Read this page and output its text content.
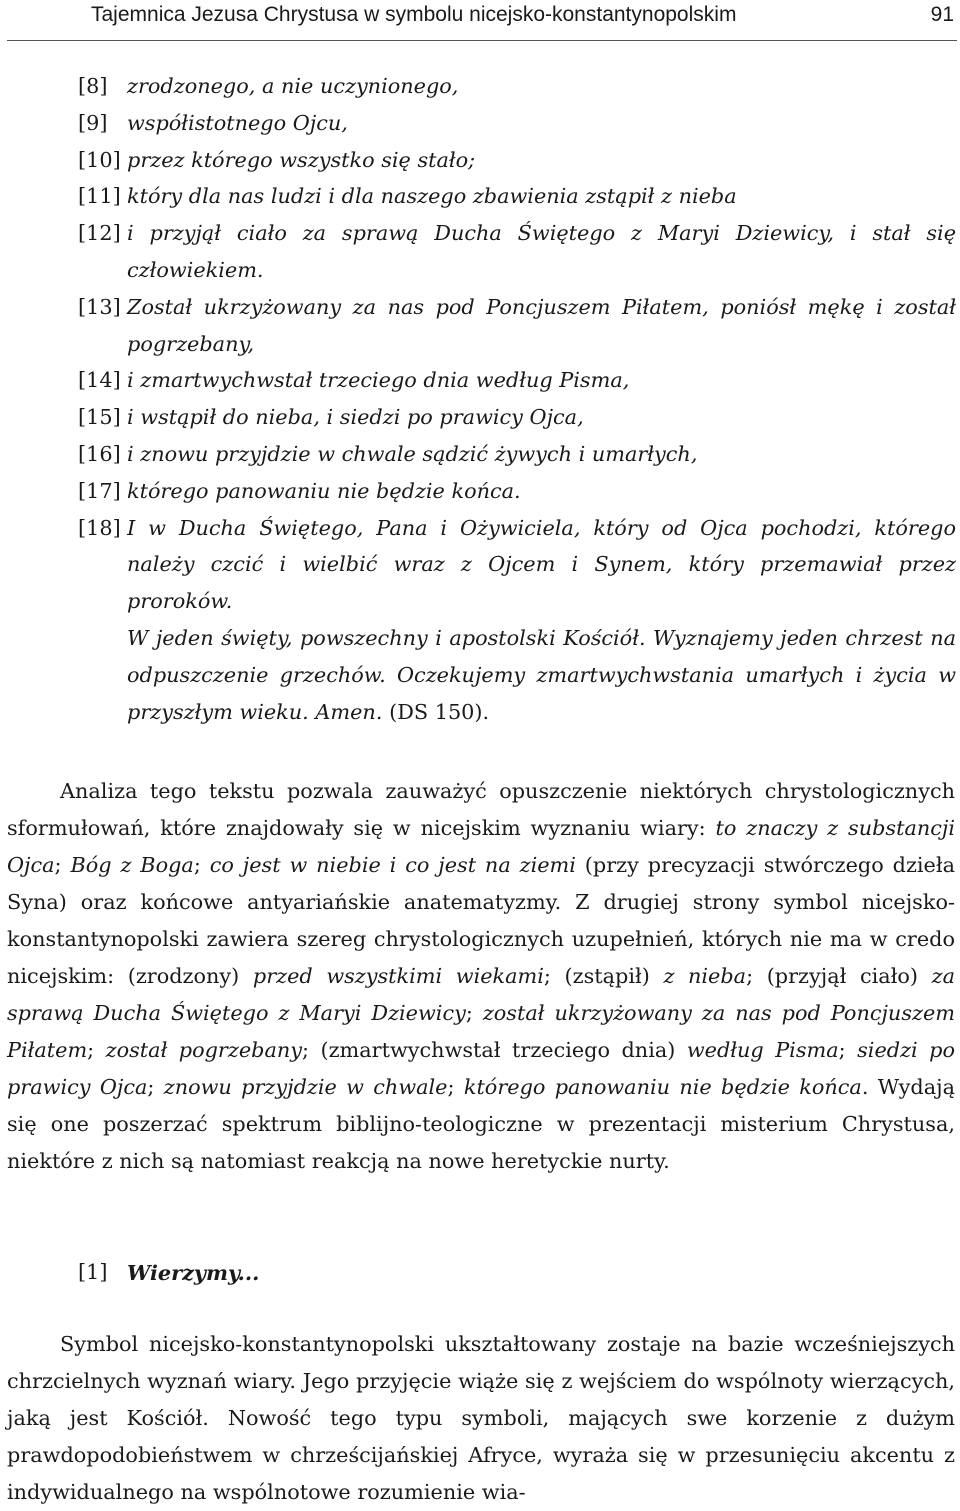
Tajemnica Jezusa Chrystusa w symbolu nicejsko-konstantynopolskim	91
[8] zrodzonego, a nie uczynionego,
[9] współistotnego Ojcu,
[10] przez którego wszystko się stało;
[11] który dla nas ludzi i dla naszego zbawienia zstąpił z nieba
[12] i przyjął ciało za sprawą Ducha Świętego z Maryi Dziewicy, i stał się człowiekiem.
[13] Został ukrzyżowany za nas pod Poncjuszem Piłatem, poniósł mękę i został pogrzebany,
[14] i zmartwychwstał trzeciego dnia według Pisma,
[15] i wstąpił do nieba, i siedzi po prawicy Ojca,
[16] i znowu przyjdzie w chwale sądzić żywych i umarłych,
[17] którego panowaniu nie będzie końca.
[18] I w Ducha Świętego, Pana i Ożywiciela, który od Ojca pochodzi, którego należy czcić i wielbić wraz z Ojcem i Synem, który przemawiał przez proroków.
W jeden święty, powszechny i apostolski Kościół. Wyznajemy jeden chrzest na odpuszczenie grzechów. Oczekujemy zmartwychwstania umarłych i życia w przyszłym wieku. Amen. (DS 150).
Analiza tego tekstu pozwala zauważyć opuszczenie niektórych chrystologicznych sformułowań, które znajdowały się w nicejskim wyznaniu wiary: to znaczy z substancji Ojca; Bóg z Boga; co jest w niebie i co jest na ziemi (przy precyzacji stwórczego dzieła Syna) oraz końcowe antyariańskie anatematyzmy. Z drugiej strony symbol nicejsko-konstantynopolski zawiera szereg chrystologicznych uzupełnień, których nie ma w credo nicejskim: (zrodzony) przed wszystkimi wiekami; (zstąpił) z nieba; (przyjął ciało) za sprawą Ducha Świętego z Maryi Dziewicy; został ukrzyżowany za nas pod Poncjuszem Piłatem; został pogrzebany; (zmartwychwstał trzeciego dnia) według Pisma; siedzi po prawicy Ojca; znowu przyjdzie w chwale; którego panowaniu nie będzie końca. Wydają się one poszerzać spektrum biblijno-teologiczne w prezentacji misterium Chrystusa, niektóre z nich są natomiast reakcją na nowe heretyckie nurty.
[1] Wierzymy...
Symbol nicejsko-konstantynopolski ukształtowany zostaje na bazie wcześniejszych chrzcielnych wyznań wiary. Jego przyjęcie wiąże się z wejściem do wspólnoty wierzących, jaką jest Kościół. Nowość tego typu symboli, mających swe korzenie z dużym prawdopodobieństwem w chrześcijańskiej Afryce, wyraża się w przesunięciu akcentu z indywidualnego na wspólnotowe rozumienie wia-
